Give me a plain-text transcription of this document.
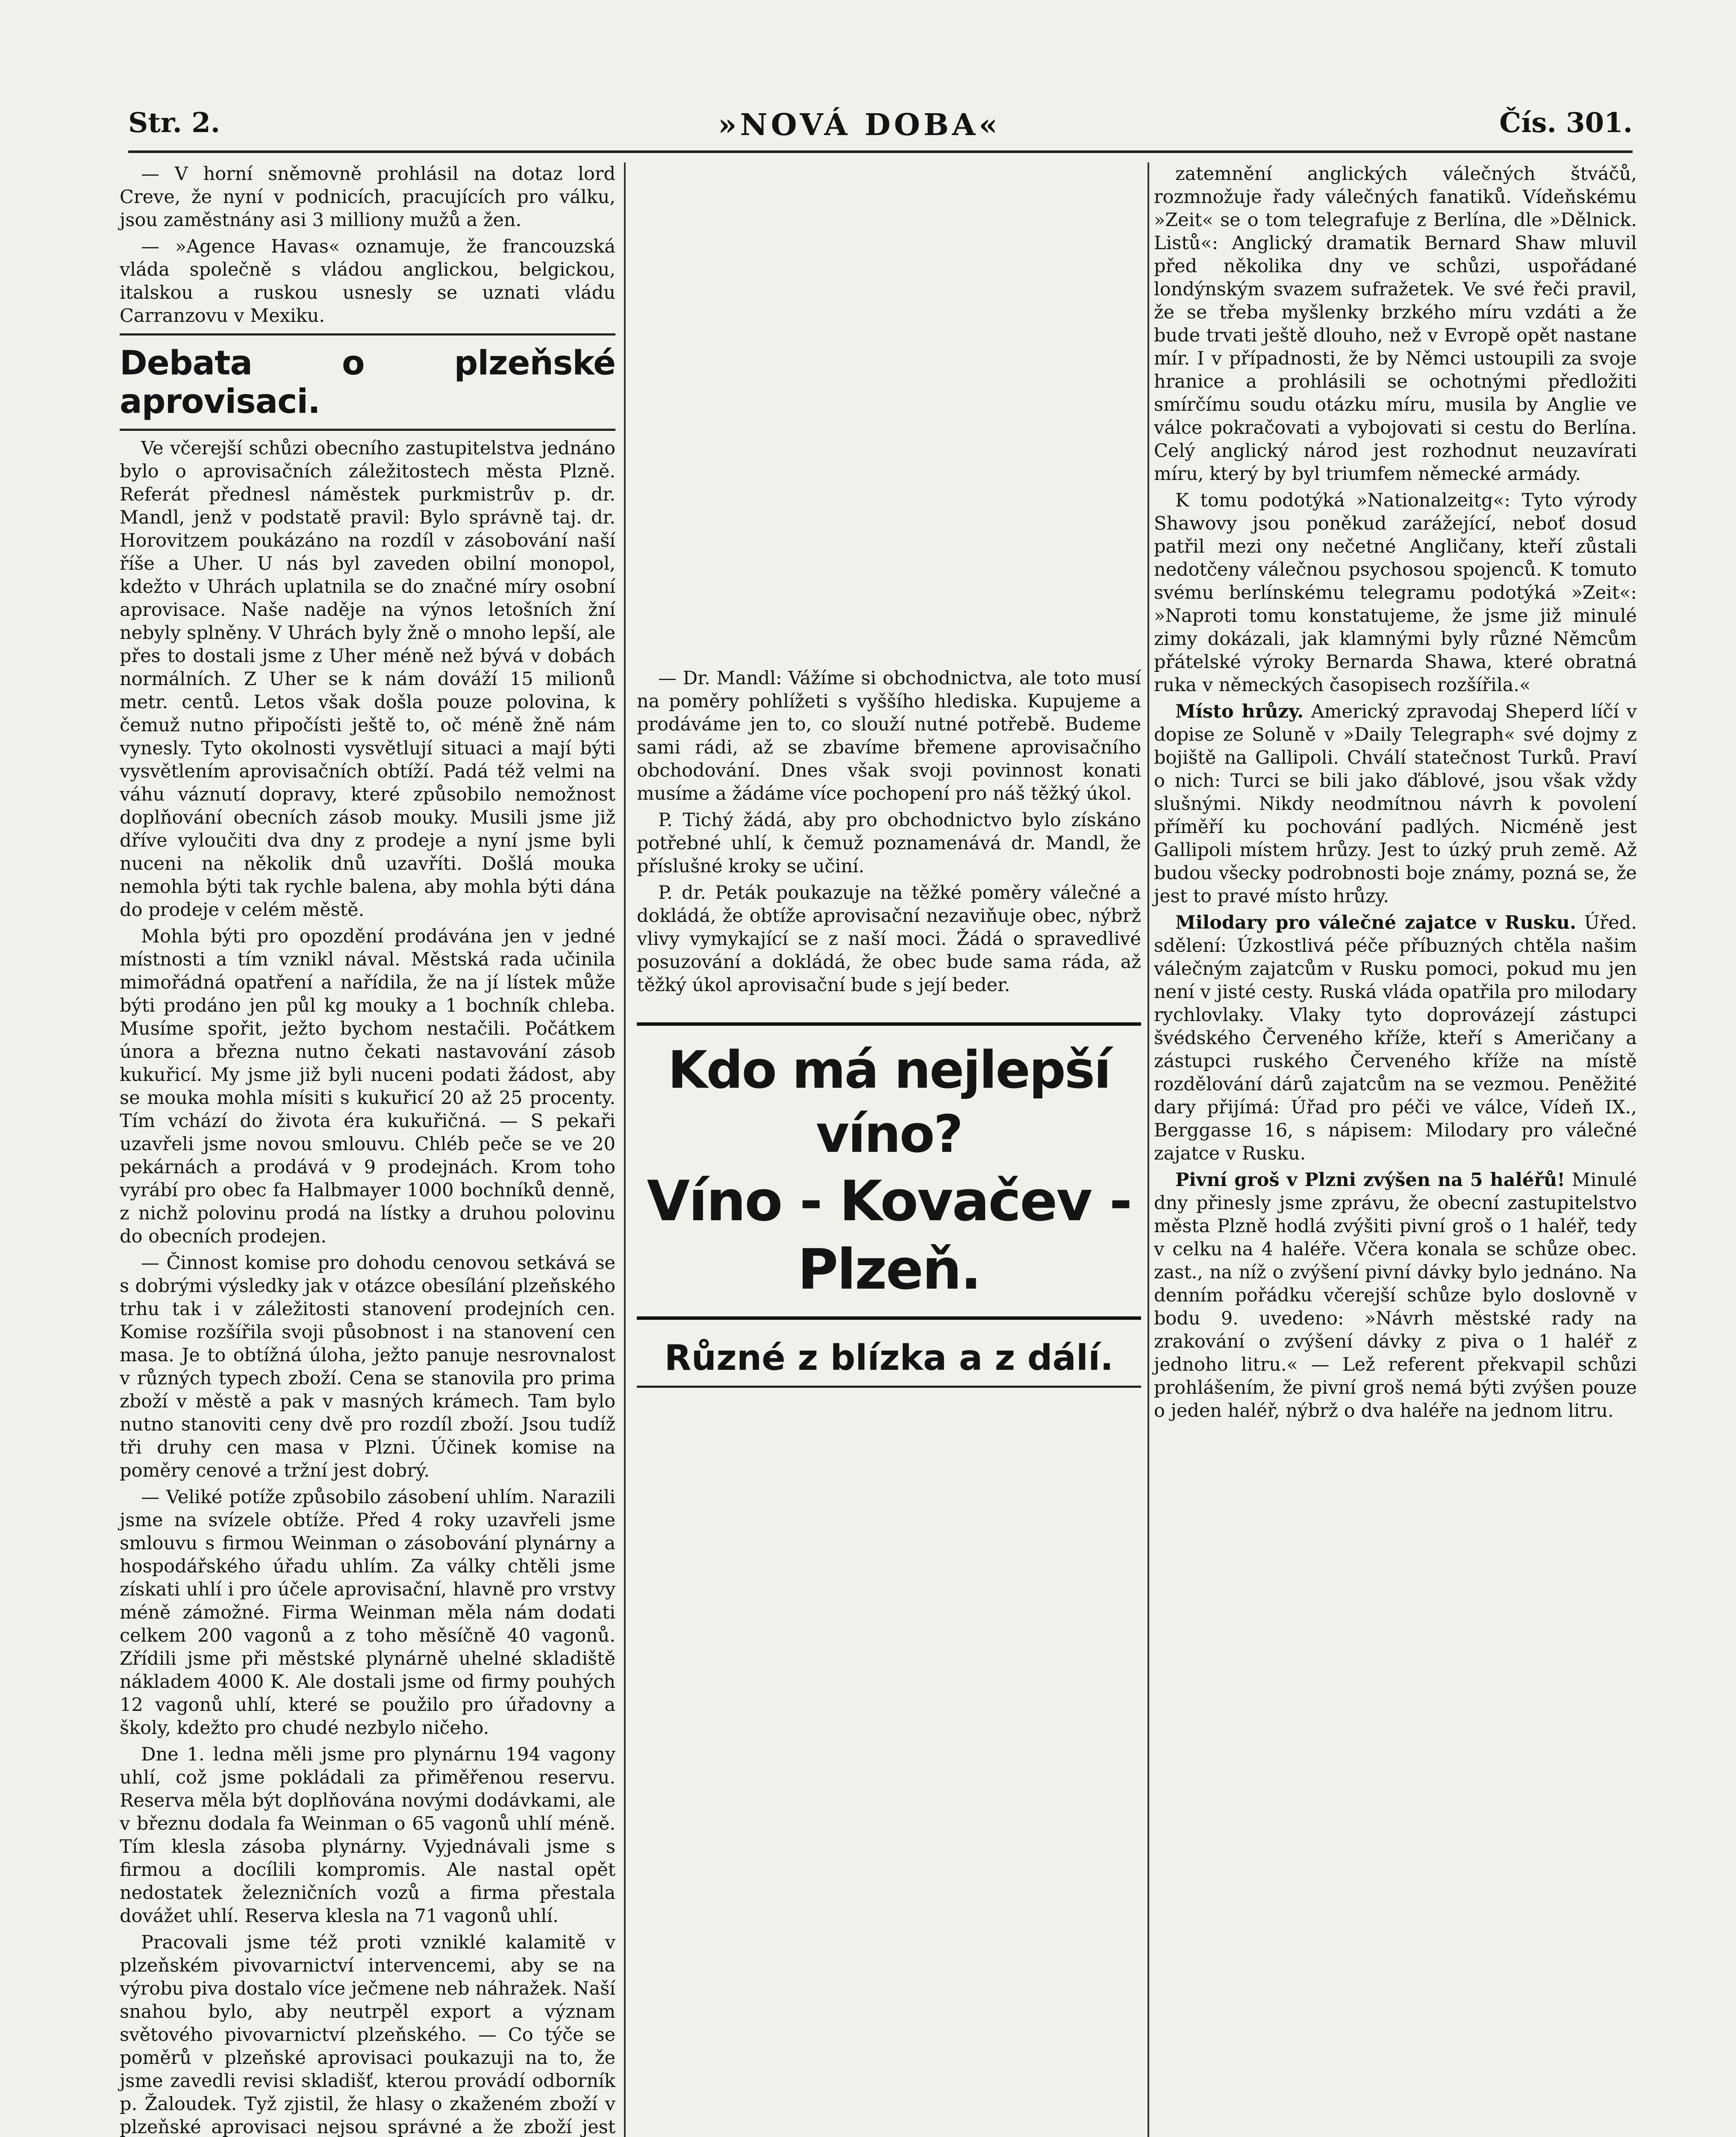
Str. 2.	»NOVÁ DOBA«	Čís. 301.

— V horní sněmovně prohlásil na dotaz lord Creve, že nyní v podnicích, pracujících pro válku, jsou zaměstnány asi 3 milliony mužů a žen.

— »Agence Havas« oznamuje, že francouzská vláda společně s vládou anglickou, belgickou, italskou a ruskou usnesly se uznati vládu Carranzovu v Mexiku.

Debata o plzeňské aprovisaci.

Ve včerejší schůzi obecního zastupitelstva jednáno bylo o aprovisačních záležitostech města Plzně. Referát přednesl náměstek purkmistrův p. dr. Mandl, jenž v podstatě pravil: Bylo správně taj. dr. Horovitzem poukázáno na rozdíl v zásobování naší říše a Uher. U nás byl zaveden obilní monopol, kdežto v Uhrách uplatnila se do značné míry osobní aprovisace. Naše naděje na výnos letošních žní nebyly splněny. V Uhrách byly žně o mnoho lepší, ale přes to dostali jsme z Uher méně než bývá v dobách normálních. Z Uher se k nám dováží 15 milionů metr. centů. Letos však došla pouze polovina, k čemuž nutno připočísti ještě to, oč méně žně nám vynesly. Tyto okolnosti vysvětlují situaci a mají býti vysvětlením aprovisačních obtíží. Padá též velmi na váhu váznutí dopravy, které způsobilo nemožnost doplňování obecních zásob mouky. Musili jsme již dříve vyloučiti dva dny z prodeje a nyní jsme byli nuceni na několik dnů uzavříti. Došlá mouka nemohla býti tak rychle balena, aby mohla býti dána do prodeje v celém městě.

Mohla býti pro opozdění prodávána jen v jedné místnosti a tím vznikl nával. Městská rada učinila mimořádná opatření a nařídila, že na jí lístek může býti prodáno jen půl kg mouky a 1 bochník chleba. Musíme spořit, ježto bychom nestačili. Počátkem února a března nutno čekati nastavování zásob kukuřicí. My jsme již byli nuceni podati žádost, aby se mouka mohla mísiti s kukuřicí 20 až 25 procenty. Tím vchází do života éra kukuřičná. — S pekaři uzavřeli jsme novou smlouvu. Chléb peče se ve 20 pekárnách a prodává v 9 prodejnách. Krom toho vyrábí pro obec fa Halbmayer 1000 bochníků denně, z nichž polovinu prodá na lístky a druhou polovinu do obecních prodejen.

— Činnost komise pro dohodu cenovou setkává se s dobrými výsledky jak v otázce obesílání plzeňského trhu tak i v záležitosti stanovení prodejních cen. Komise rozšířila svoji působnost i na stanovení cen masa. Je to obtížná úloha, ježto panuje nesrovnalost v různých typech zboží. Cena se stanovila pro prima zboží v městě a pak v masných krámech. Tam bylo nutno stanoviti ceny dvě pro rozdíl zboží. Jsou tudíž tři druhy cen masa v Plzni. Účinek komise na poměry cenové a tržní jest dobrý.

— Veliké potíže způsobilo zásobení uhlím. Narazili jsme na svízele obtíže. Před 4 roky uzavřeli jsme smlouvu s firmou Weinman o zásobování plynárny a hospodářského úřadu uhlím. Za války chtěli jsme získati uhlí i pro účele aprovisační, hlavně pro vrstvy méně zámožné. Firma Weinman měla nám dodati celkem 200 vagonů a z toho měsíčně 40 vagonů. Zřídili jsme při městské plynárně uhelné skladiště nákladem 4000 K. Ale dostali jsme od firmy pouhých 12 vagonů uhlí, které se použilo pro úřadovny a školy, kdežto pro chudé nezbylo ničeho.

Dne 1. ledna měli jsme pro plynárnu 194 vagony uhlí, což jsme pokládali za přiměřenou reservu. Reserva měla být doplňována novými dodávkami, ale v březnu dodala fa Weinman o 65 vagonů uhlí méně. Tím klesla zásoba plynárny. Vyjednávali jsme s firmou a docílili kompromis. Ale nastal opět nedostatek železničních vozů a firma přestala dovážet uhlí. Reserva klesla na 71 vagonů uhlí.

Pracovali jsme též proti vzniklé kalamitě v plzeňském pivovarnictví intervencemi, aby se na výrobu piva dostalo více ječmene neb náhražek. Naší snahou bylo, aby neutrpěl export a význam světového pivovarnictví plzeňského. — Co týče se poměrů v plzeňské aprovisaci poukazuji na to, že jsme zavedli revisi skladišť, kterou provádí odborník p. Žaloudek. Tyž zjistil, že hlasy o zkaženém zboží v plzeňské aprovisaci nejsou správné a že zboží jest

— Dr. Mandl: Vážíme si obchodnictva, ale toto musí na poměry pohlížeti s vyššího hlediska. Kupujeme a prodáváme jen to, co slouží nutné potřebě. Budeme sami rádi, až se zbavíme břemene aprovisačního obchodování. Dnes však svoji povinnost konati musíme a žádáme více pochopení pro náš těžký úkol.

P. Tichý žádá, aby pro obchodnictvo bylo získáno potřebné uhlí, k čemuž poznamenává dr. Mandl, že příslušné kroky se učiní.

P. dr. Peták poukazuje na těžké poměry válečné a dokládá, že obtíže aprovisační nezaviňuje obec, nýbrž vlivy vymykající se z naší moci. Žádá o spravedlivé posuzování a dokládá, že obec bude sama ráda, až těžký úkol aprovisační bude s její beder.

Kdo má nejlepší víno?
Víno - Kovačev - Plzeň.
Různé z blízka a z dálí.

zatemnění anglických válečných štváčů, rozmnožuje řady válečných fanatiků. Vídeňskému »Zeit« se o tom telegrafuje z Berlína, dle »Dělnick. Listů«: Anglický dramatik Bernard Shaw mluvil před několika dny ve schůzi, uspořádané londýnským svazem sufražetek. Ve své řeči pravil, že se třeba myšlenky brzkého míru vzdáti a že bude trvati ještě dlouho, než v Evropě opět nastane mír. I v případnosti, že by Němci ustoupili za svoje hranice a prohlásili se ochotnými předložiti smírčímu soudu otázku míru, musila by Anglie ve válce pokračovati a vybojovati si cestu do Berlína. Celý anglický národ jest rozhodnut neuzavírati míru, který by byl triumfem německé armády.

K tomu podotýká »Nationalzeitg«: Tyto výrody Shawovy jsou poněkud zarážející, neboť dosud patřil mezi ony nečetné Angličany, kteří zůstali nedotčeny válečnou psychosou spojenců. K tomuto svému berlínskému telegramu podotýká »Zeit«: »Naproti tomu konstatujeme, že jsme již minulé zimy dokázali, jak klamnými byly různé Němcům přátelské výroky Bernarda Shawa, které obratná ruka v německých časopisech rozšířila.«

Místo hrůzy. Americký zpravodaj Sheperd líčí v dopise ze Soluně v »Daily Telegraph« své dojmy z bojiště na Gallipoli. Chválí statečnost Turků. Praví o nich: Turci se bili jako ďáblové, jsou však vždy slušnými. Nikdy neodmítnou návrh k povolení příměří ku pochování padlých. Nicméně jest Gallipoli místem hrůzy. Jest to úzký pruh země. Až budou všecky podrobnosti boje známy, pozná se, že jest to pravé místo hrůzy.

Milodary pro válečné zajatce v Rusku. Úřed. sdělení: Úzkostlivá péče příbuzných chtěla našim válečným zajatcům v Rusku pomoci, pokud mu jen není v jisté cesty. Ruská vláda opatřila pro milodary rychlovlaky. Vlaky tyto doprovázejí zástupci švédského Červeného kříže, kteří s Američany a zástupci ruského Červeného kříže na místě rozdělování dárů zajatcům na se vezmou. Peněžité dary přijímá: Úřad pro péči ve válce, Vídeň IX., Berggasse 16, s nápisem: Milodary pro válečné zajatce v Rusku.

Pivní groš v Plzni zvýšen na 5 haléřů! Minulé dny přinesly jsme zprávu, že obecní zastupitelstvo města Plzně hodlá zvýšiti pivní groš o 1 haléř, tedy v celku na 4 haléře. Včera konala se schůze obec. zast., na níž o zvýšení pivní dávky bylo jednáno. Na denním pořádku včerejší schůze bylo doslovně v bodu 9. uvedeno: »Návrh městské rady na zrakování o zvýšení dávky z piva o 1 haléř z jednoho litru.« — Lež referent překvapil schůzi prohlášením, že pivní groš nemá býti zvýšen pouze o jeden haléř, nýbrž o dva haléře na jednom litru.
